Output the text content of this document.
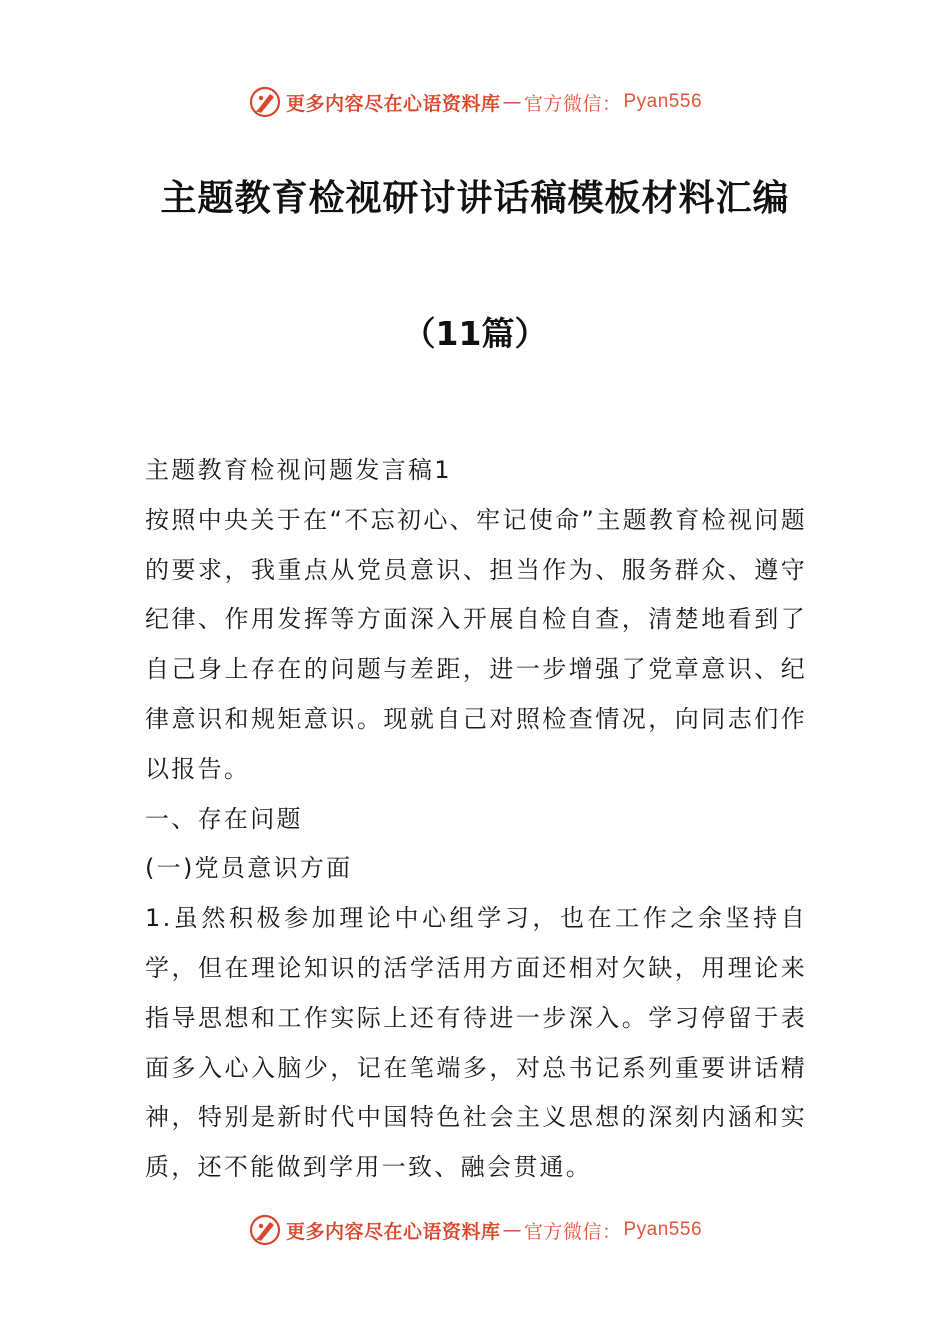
更多内容尽在心语资料库 — 官方微信： Pyan556
主题教育检视研讨讲话稿模板材料汇编
（11篇）

主题教育检视问题发言稿1

按照中央关于在“不忘初心、牢记使命”主题教育检视问题的要求，我重点从党员意识、担当作为、服务群众、遵守纪律、作用发挥等方面深入开展自检自查，清楚地看到了自己身上存在的问题与差距，进一步增强了党章意识、纪律意识和规矩意识。现就自己对照检查情况，向同志们作以报告。

一、存在问题

(一)党员意识方面

1.虽然积极参加理论中心组学习，也在工作之余坚持自学，但在理论知识的活学活用方面还相对欠缺，用理论来指导思想和工作实际上还有待进一步深入。学习停留于表面多入心入脑少，记在笔端多，对总书记系列重要讲话精神，特别是新时代中国特色社会主义思想的深刻内涵和实质，还不能做到学用一致、融会贯通。

更多内容尽在心语资料库 — 官方微信： Pyan556
